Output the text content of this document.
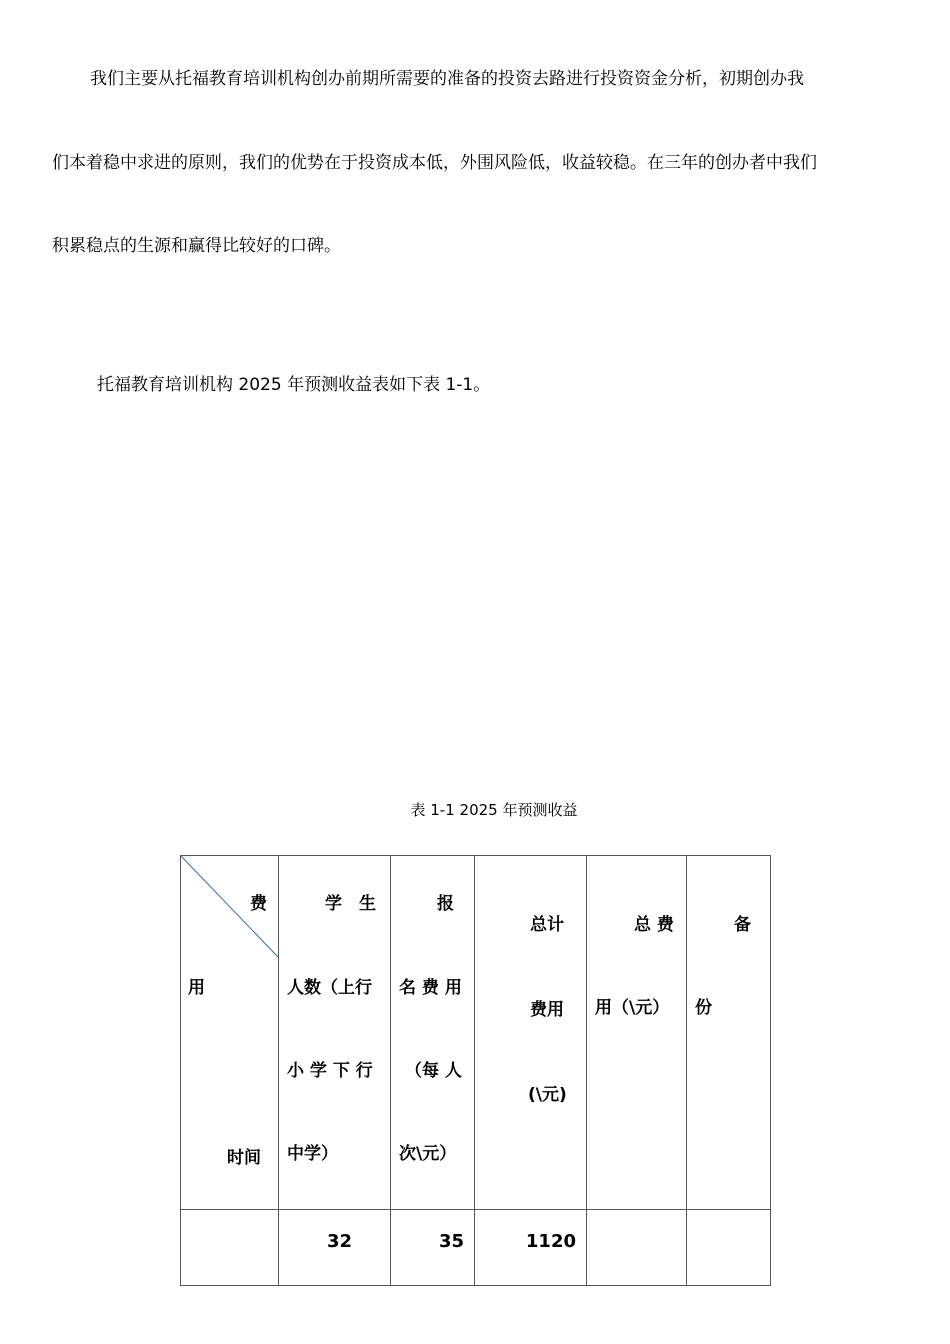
我们主要从托福教育培训机构创办前期所需要的准备的投资去路进行投资资金分析，初期创办我
们本着稳中求进的原则，我们的优势在于投资成本低，外围风险低，收益较稳。在三年的创办者中我们
积累稳点的生源和赢得比较好的口碑。
托福教育培训机构 2025 年预测收益表如下表 1-1。
表 1-1 2025 年预测收益
费
用
时间
学　生
人数（上行
小 学 下 行
中学）
报
名 费 用
（每 人
次\元）
总计
费用
(\元)
总 费
用（\元）
备
份
32	35	1120
